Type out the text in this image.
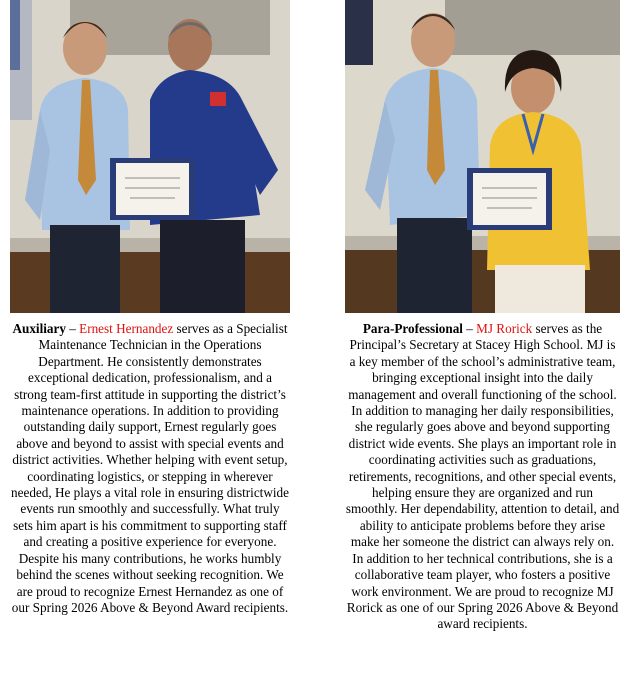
Auxiliary – Ernest Hernandez serves as a Specialist Maintenance Technician in the Operations Department. He consistently demonstrates exceptional dedication, professionalism, and a strong team-first attitude in supporting the district’s maintenance operations. In addition to providing outstanding daily support, Ernest regularly goes above and beyond to assist with special events and district activities. Whether helping with event setup, coordinating logistics, or stepping in wherever needed, He plays a vital role in ensuring districtwide events run smoothly and successfully. What truly sets him apart is his commitment to supporting staff and creating a positive experience for everyone. Despite his many contributions, he works humbly behind the scenes without seeking recognition. We are proud to recognize Ernest Hernandez as one of our Spring 2026 Above & Beyond Award recipients.
Para-Professional – MJ Rorick serves as the Principal’s Secretary at Stacey High School. MJ is a key member of the school’s administrative team, bringing exceptional insight into the daily management and overall functioning of the school. In addition to managing her daily responsibilities, she regularly goes above and beyond supporting district wide events. She plays an important role in coordinating activities such as graduations, retirements, recognitions, and other special events, helping ensure they are organized and run smoothly. Her dependability, attention to detail, and ability to anticipate problems before they arise make her someone the district can always rely on. In addition to her technical contributions, she is a collaborative team player, who fosters a positive work environment. We are proud to recognize MJ Rorick as one of our Spring 2026 Above & Beyond award recipients.
